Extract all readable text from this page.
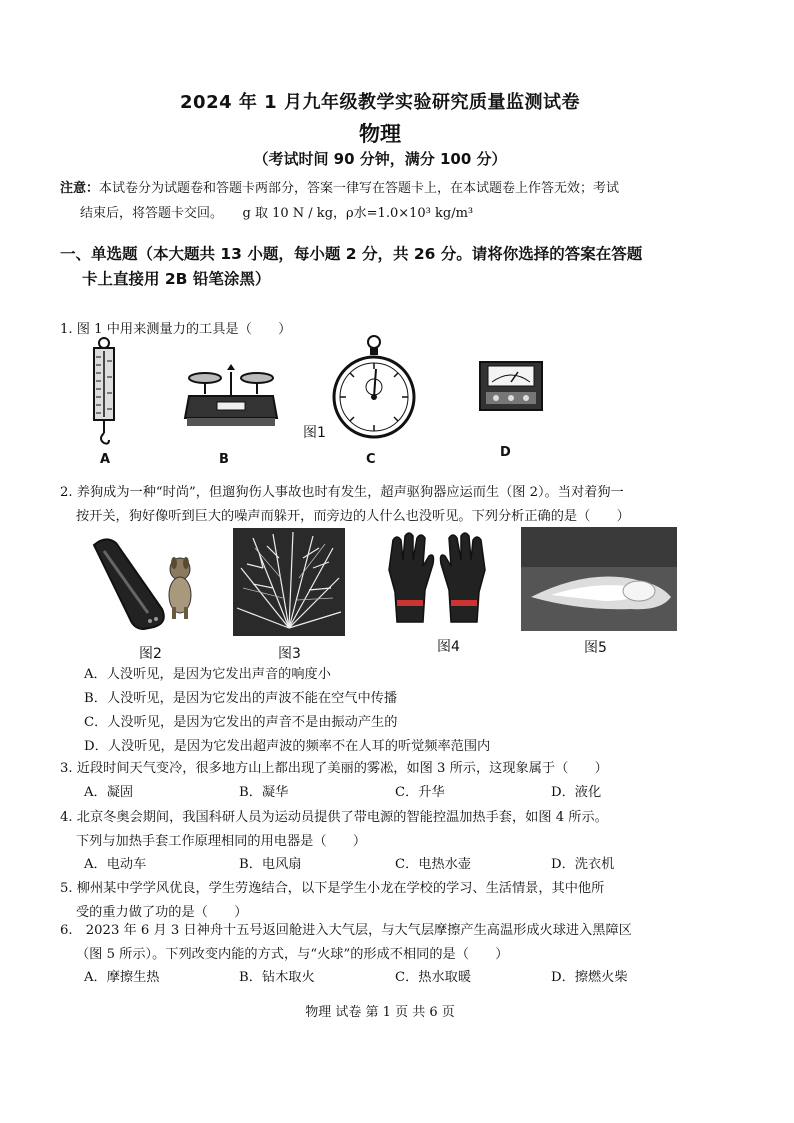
2024 年 1 月九年级教学实验研究质量监测试卷
物理
（考试时间 90 分钟，满分 100 分）
注意：本试卷分为试题卷和答题卡两部分，答案一律写在答题卡上，在本试题卷上作答无效；考试
结束后，将答题卡交回。　　 g 取 10 N / kg，ρ水=1.0×10³ kg/m³
一、单选题（本大题共 13 小题，每小题 2 分，共 26 分。请将你选择的答案在答题
卡上直接用 2B 铅笔涂黑）
1. 图 1 中用来测量力的工具是（　　）
图1
A	B	C	D
2. 养狗成为一种“时尚”，但遛狗伤人事故也时有发生，超声驱狗器应运而生（图 2）。当对着狗一
按开关，狗好像听到巨大的噪声而躲开，而旁边的人什么也没听见。下列分析正确的是（　　）
图2	图3	图4	图5
A．人没听见，是因为它发出声音的响度小
B．人没听见，是因为它发出的声波不能在空气中传播
C．人没听见，是因为它发出的声音不是由振动产生的
D．人没听见，是因为它发出超声波的频率不在人耳的听觉频率范围内
3. 近段时间天气变冷，很多地方山上都出现了美丽的雾凇，如图 3 所示，这现象属于（　　）
A．凝固	B．凝华	C．升华	D．液化
4. 北京冬奥会期间，我国科研人员为运动员提供了带电源的智能控温加热手套，如图 4 所示。
下列与加热手套工作原理相同的用电器是（　　）
A．电动车	B．电风扇	C．电热水壶	D．洗衣机
5. 柳州某中学学风优良，学生劳逸结合，以下是学生小龙在学校的学习、生活情景，其中他所
受的重力做了功的是（　　）
6.　2023 年 6 月 3 日神舟十五号返回舱进入大气层，与大气层摩擦产生高温形成火球进入黑障区
（图 5 所示）。下列改变内能的方式，与“火球”的形成不相同的是（　　）
A．摩擦生热	B．钻木取火	C．热水取暖	D．擦燃火柴
物理 试卷 第 1 页 共 6 页
